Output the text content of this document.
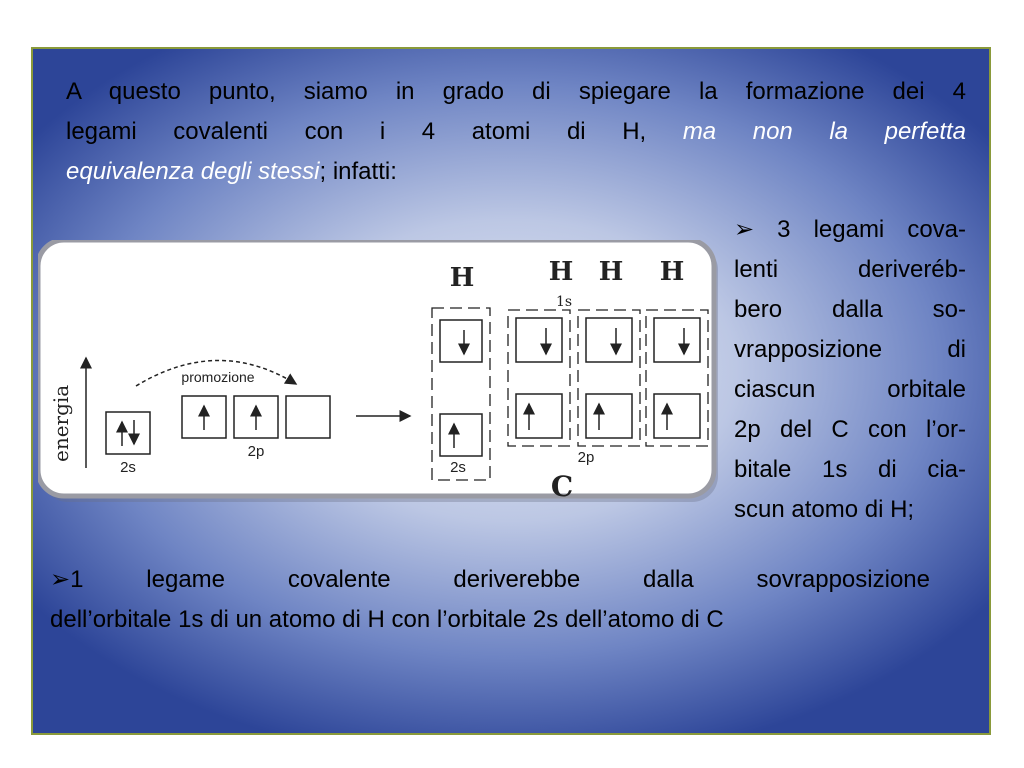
A questo punto, siamo in grado di spiegare la formazione dei 4
legami covalenti con i 4 atomi di H, ma non la perfetta
equivalenza degli stessi; infatti:
➢ 3 legami cova-
lenti deriveréb-
bero dalla so-
vrapposizione di
ciascun orbitale
2p del C con l’or-
bitale 1s di cia-
scun atomo di H;
➢1 legame covalente deriverebbe dalla sovrapposizione
dell’orbitale 1s di un atomo di H con l’orbitale 2s dell’atomo di C
energia
2s
2p
promozione
H	H H H
1s
2s
2p
C
